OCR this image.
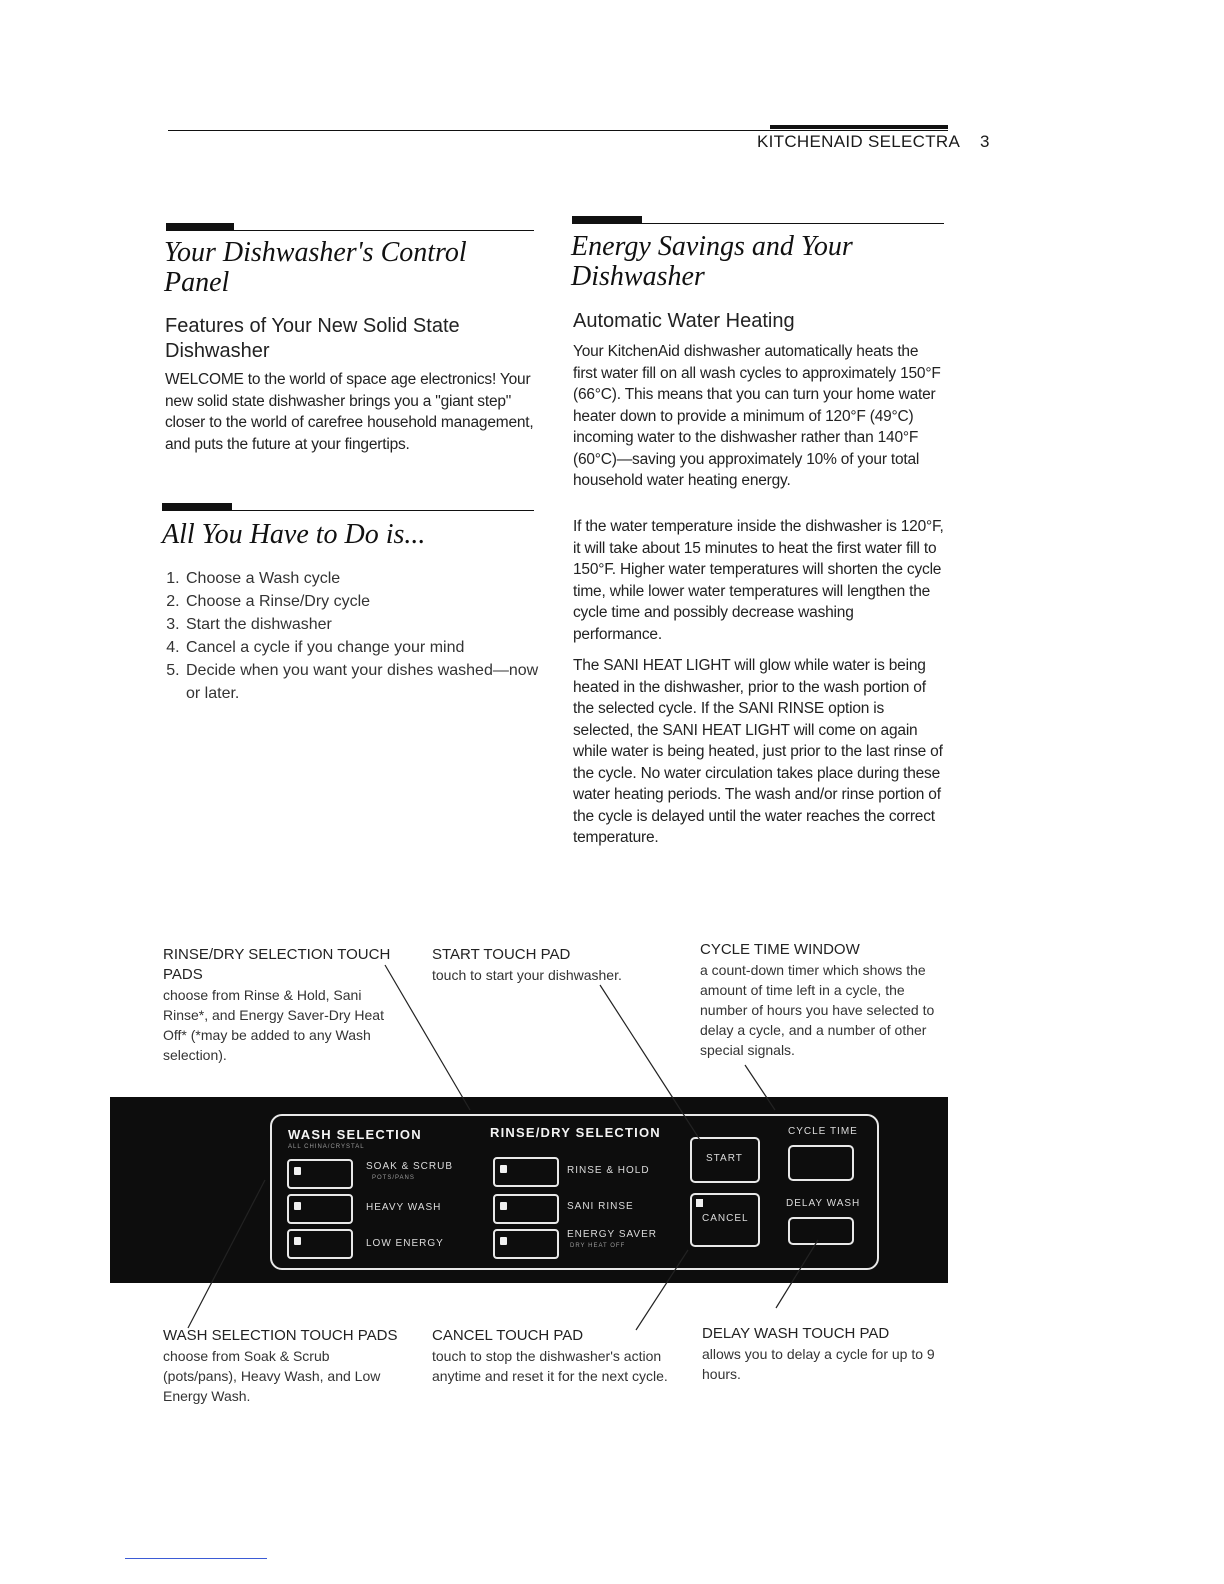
KITCHENAID SELECTRA 3
Your Dishwasher's Control Panel
Features of Your New Solid State Dishwasher

WELCOME to the world of space age electronics! Your new solid state dishwasher brings you a "giant step" closer to the world of carefree household management, and puts the future at your fingertips.

All You Have to Do is...
1. Choose a Wash cycle
2. Choose a Rinse/Dry cycle
3. Start the dishwasher
4. Cancel a cycle if you change your mind
5. Decide when you want your dishes washed—now or later.
Energy Savings and Your Dishwasher
Automatic Water Heating

Your KitchenAid dishwasher automatically heats the first water fill on all wash cycles to approximately 150°F (66°C). This means that you can turn your home water heater down to provide a minimum of 120°F (49°C) incoming water to the dishwasher rather than 140°F (60°C)—saving you approximately 10% of your total household water heating energy.

If the water temperature inside the dishwasher is 120°F, it will take about 15 minutes to heat the first water fill to 150°F. Higher water temperatures will shorten the cycle time, while lower water temperatures will lengthen the cycle time and possibly decrease washing performance.

The SANI HEAT LIGHT will glow while water is being heated in the dishwasher, prior to the wash portion of the selected cycle. If the SANI RINSE option is selected, the SANI HEAT LIGHT will come on again while water is being heated, just prior to the last rinse of the cycle. No water circulation takes place during these water heating periods. The wash and/or rinse portion of the cycle is delayed until the water reaches the correct temperature.

RINSE/DRY SELECTION TOUCH PADS
choose from Rinse & Hold, Sani Rinse*, and Energy Saver-Dry Heat Off* (*may be added to any Wash selection).
START TOUCH PAD
touch to start your dishwasher.
CYCLE TIME WINDOW
a count-down timer which shows the amount of time left in a cycle, the number of hours you have selected to delay a cycle, and a number of other special signals.
WASH SELECTION
ALL CHINA/CRYSTAL
SOAK & SCRUB
POTS/PANS
HEAVY WASH
LOW ENERGY
RINSE/DRY SELECTION
RINSE & HOLD
SANI RINSE
ENERGY SAVER
DRY HEAT OFF
START
CANCEL
CYCLE TIME
DELAY WASH
WASH SELECTION TOUCH PADS
choose from Soak & Scrub (pots/pans), Heavy Wash, and Low Energy Wash.
CANCEL TOUCH PAD
touch to stop the dishwasher's action anytime and reset it for the next cycle.
DELAY WASH TOUCH PAD
allows you to delay a cycle for up to 9 hours.
